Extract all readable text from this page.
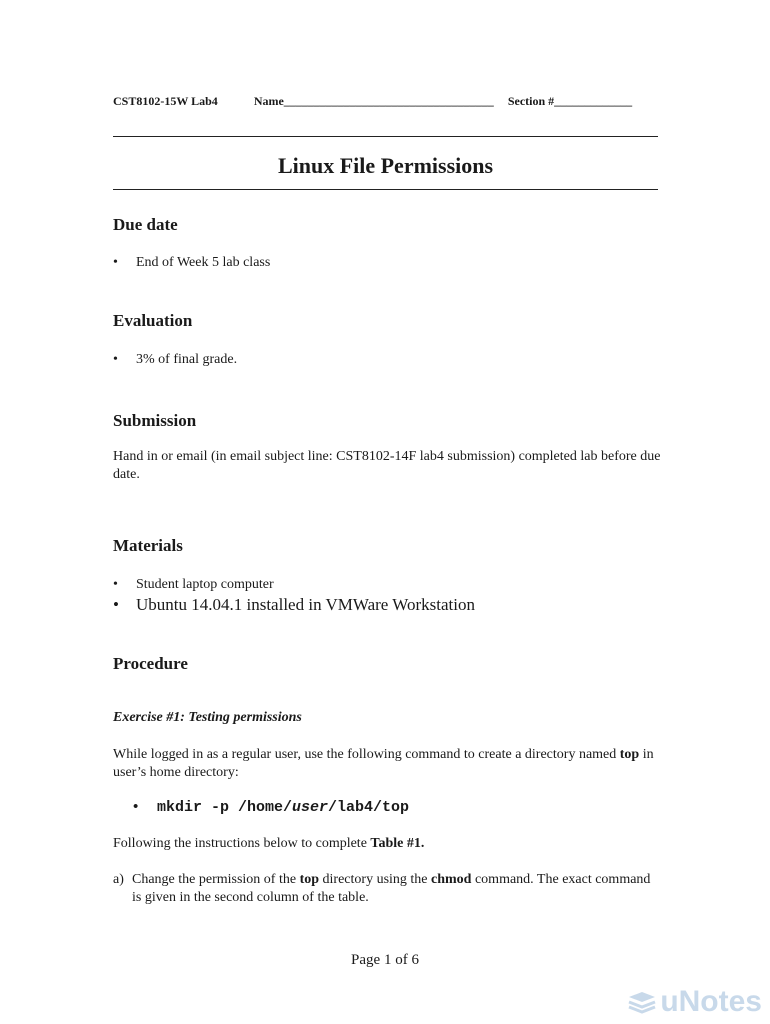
CST8102-15W Lab4	Name___________________________________ Section #_____________
Linux File Permissions
Due date
• End of Week 5 lab class
Evaluation
• 3% of final grade.
Submission
Hand in or email (in email subject line: CST8102-14F lab4 submission) completed lab before due date.
Materials
• Student laptop computer
• Ubuntu 14.04.1 installed in VMWare Workstation
Procedure
Exercise #1: Testing permissions
While logged in as a regular user, use the following command to create a directory named top in user’s home directory:
• mkdir -p /home/user/lab4/top
Following the instructions below to complete Table #1.
a) Change the permission of the top directory using the chmod command. The exact command is given in the second column of the table.
Page 1 of 6
uNotes
